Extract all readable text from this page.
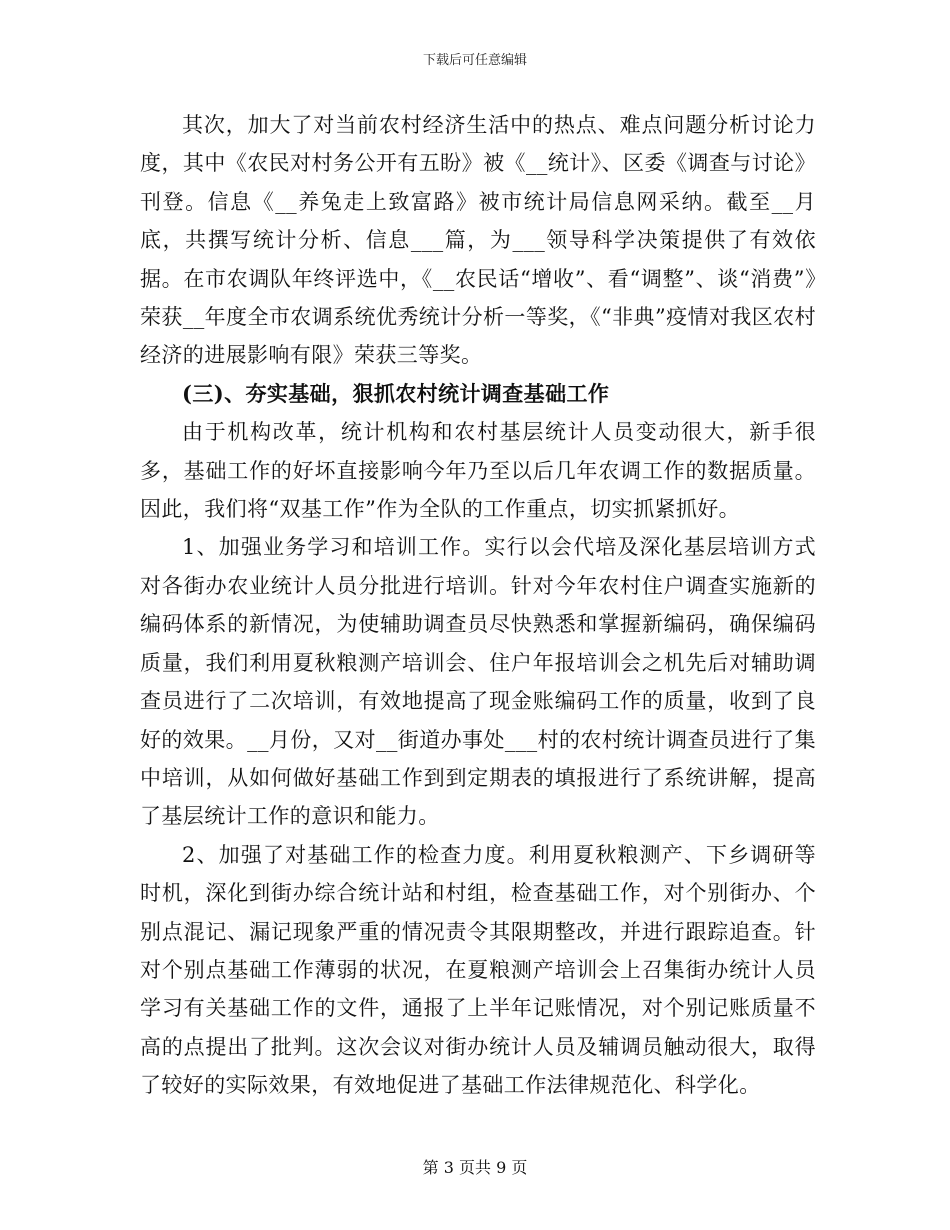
下载后可任意编辑

其次，加大了对当前农村经济生活中的热点、难点问题分析讨论力度，其中《农民对村务公开有五盼》被《__统计》、区委《调查与讨论》刊登。信息《__养兔走上致富路》被市统计局信息网采纳。截至__月底，共撰写统计分析、信息___篇，为___领导科学决策提供了有效依据。在市农调队年终评选中，《__农民话“增收”、看“调整”、谈“消费”》荣获__年度全市农调系统优秀统计分析一等奖，《“非典”疫情对我区农村经济的进展影响有限》荣获三等奖。

(三)、夯实基础，狠抓农村统计调查基础工作

由于机构改革，统计机构和农村基层统计人员变动很大，新手很多，基础工作的好坏直接影响今年乃至以后几年农调工作的数据质量。因此，我们将“双基工作”作为全队的工作重点，切实抓紧抓好。

1、加强业务学习和培训工作。实行以会代培及深化基层培训方式对各街办农业统计人员分批进行培训。针对今年农村住户调查实施新的编码体系的新情况，为使辅助调查员尽快熟悉和掌握新编码，确保编码质量，我们利用夏秋粮测产培训会、住户年报培训会之机先后对辅助调查员进行了二次培训，有效地提高了现金账编码工作的质量，收到了良好的效果。__月份，又对__街道办事处___村的农村统计调查员进行了集中培训，从如何做好基础工作到到定期表的填报进行了系统讲解，提高了基层统计工作的意识和能力。

2、加强了对基础工作的检查力度。利用夏秋粮测产、下乡调研等时机，深化到街办综合统计站和村组，检查基础工作，对个别街办、个别点混记、漏记现象严重的情况责令其限期整改，并进行跟踪追查。针对个别点基础工作薄弱的状况，在夏粮测产培训会上召集街办统计人员学习有关基础工作的文件，通报了上半年记账情况，对个别记账质量不高的点提出了批判。这次会议对街办统计人员及辅调员触动很大，取得了较好的实际效果，有效地促进了基础工作法律规范化、科学化。

第 3 页共 9 页
